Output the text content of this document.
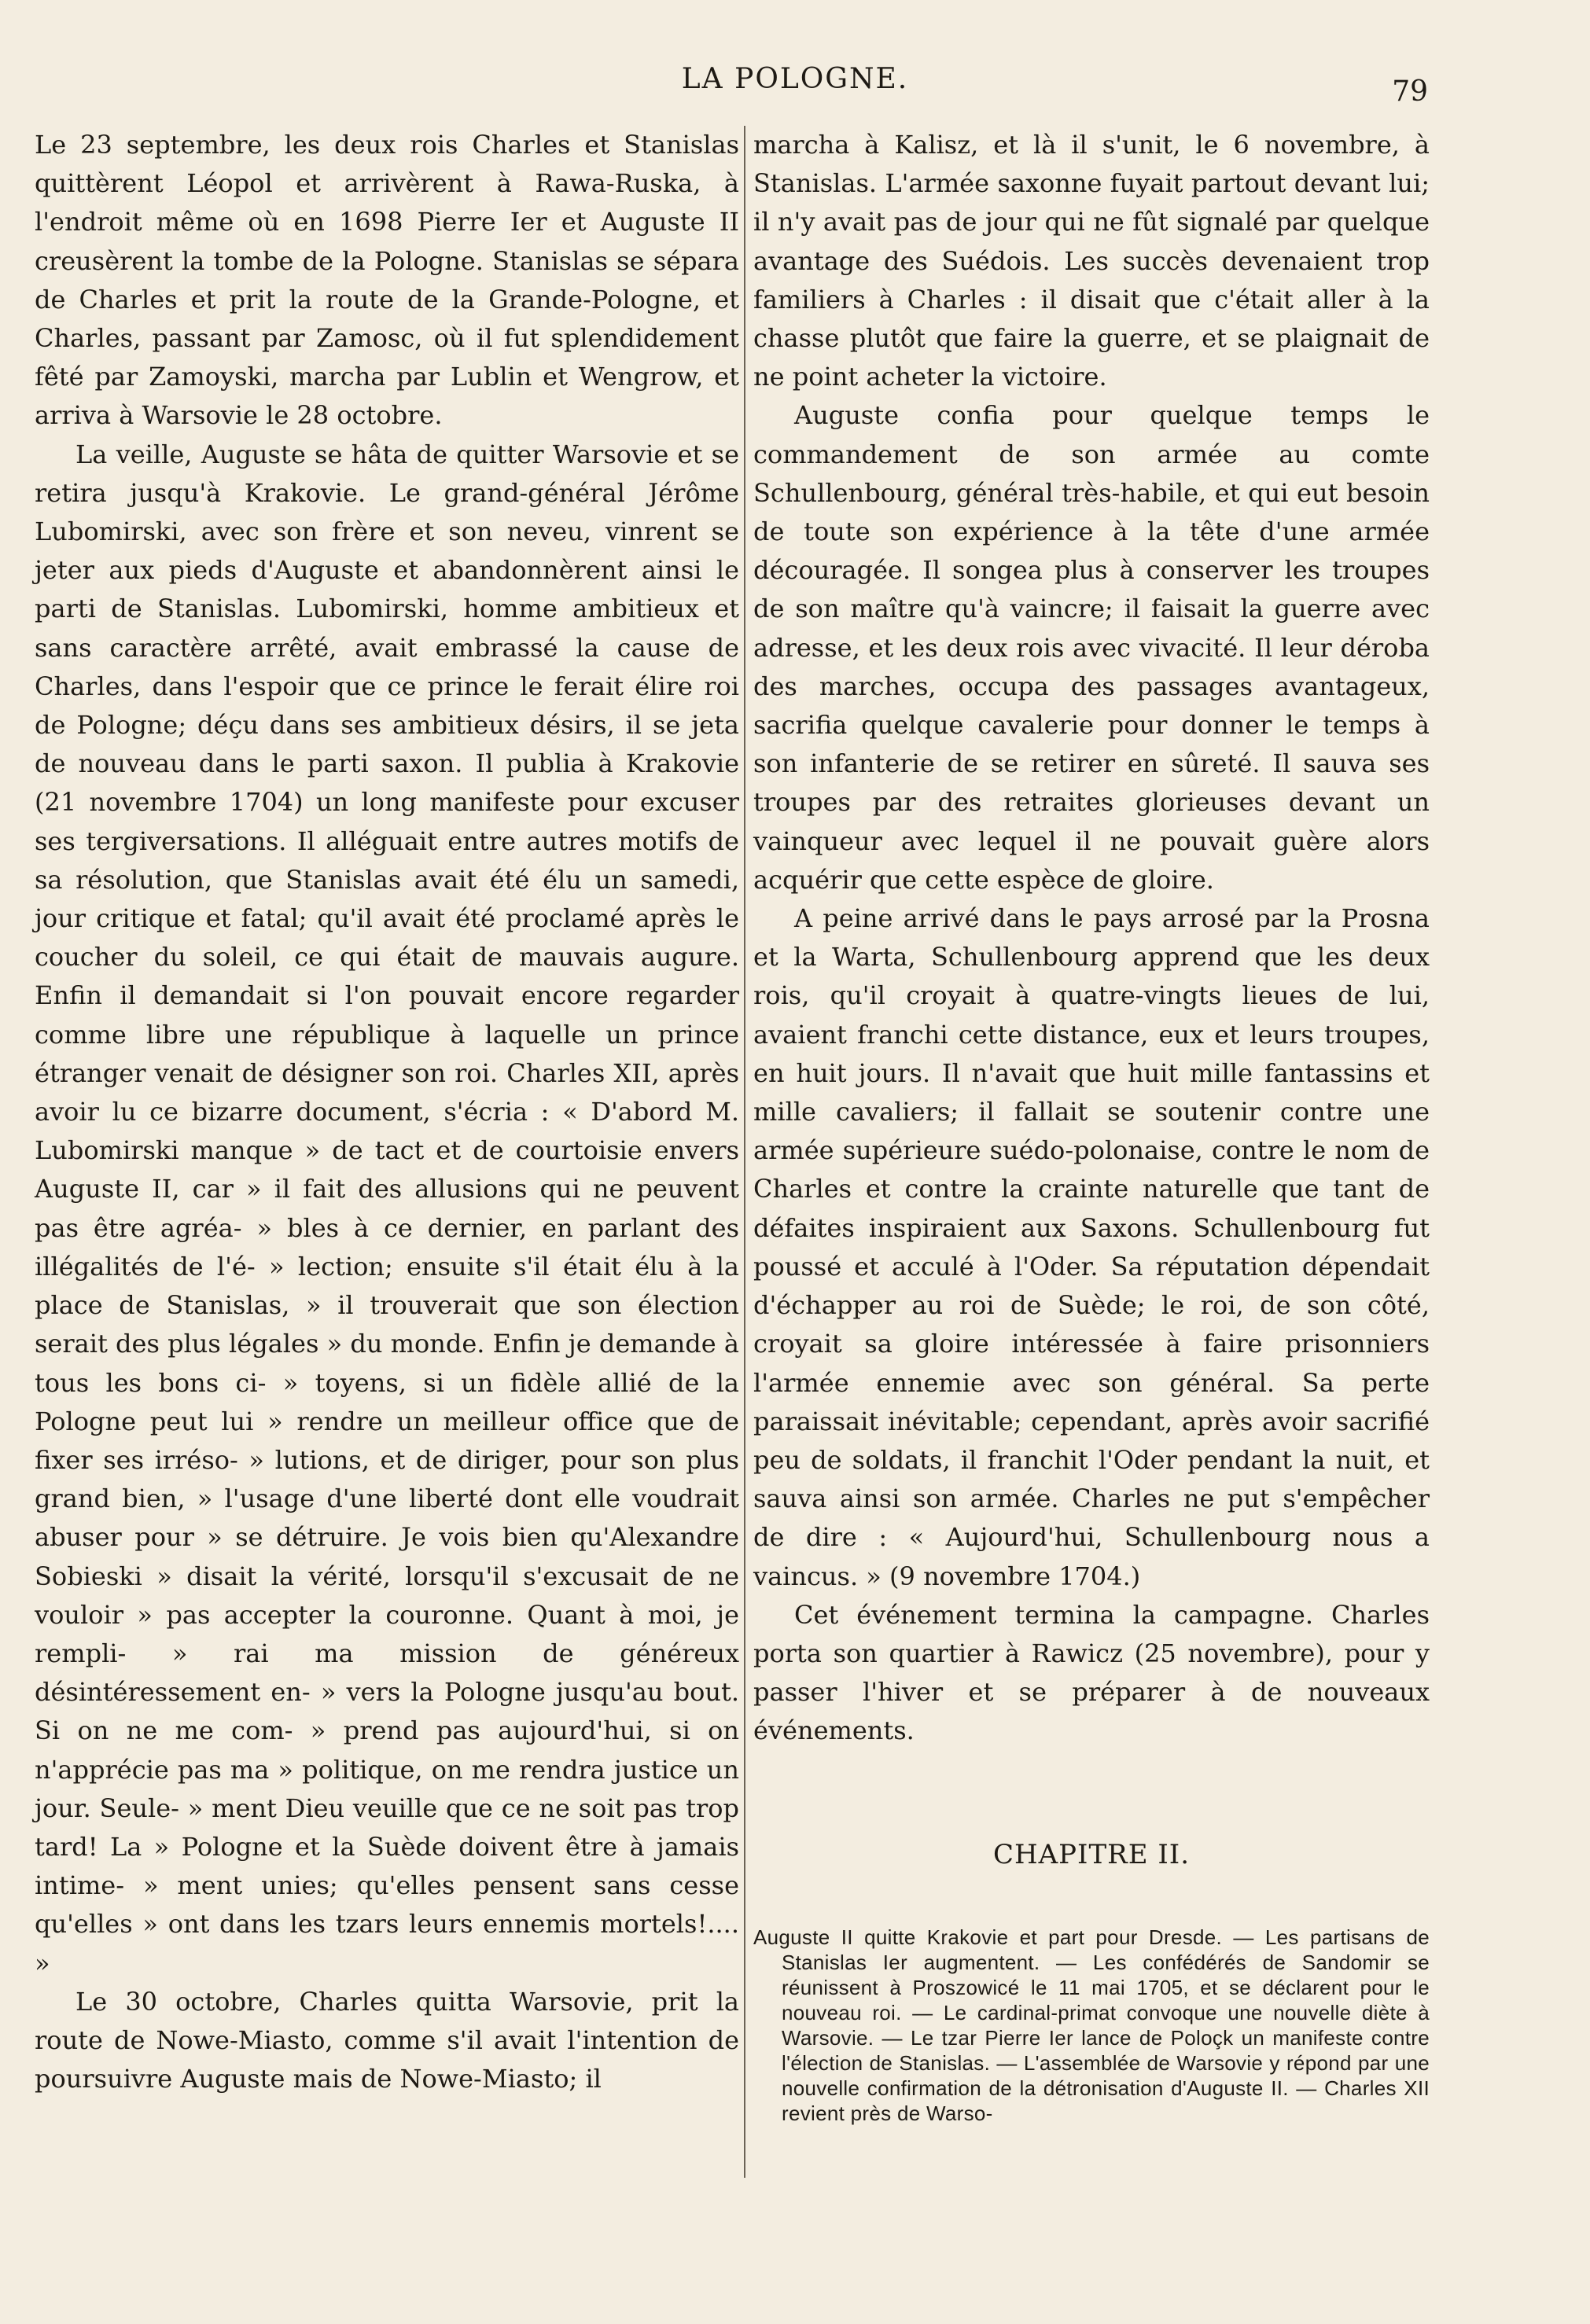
LA POLOGNE.	79

Le 23 septembre, les deux rois Charles et Stanislas quittèrent Léopol et arrivèrent à Rawa-Ruska, à l'endroit même où en 1698 Pierre Ier et Auguste II creusèrent la tombe de la Pologne. Stanislas se sépara de Charles et prit la route de la Grande-Pologne, et Charles, passant par Zamosc, où il fut splendidement fêté par Zamoyski, marcha par Lublin et Wengrow, et arriva à Warsovie le 28 octobre.

La veille, Auguste se hâta de quitter Warsovie et se retira jusqu'à Krakovie. Le grand-général Jérôme Lubomirski, avec son frère et son neveu, vinrent se jeter aux pieds d'Auguste et abandonnèrent ainsi le parti de Stanislas. Lubomirski, homme ambitieux et sans caractère arrêté, avait embrassé la cause de Charles, dans l'espoir que ce prince le ferait élire roi de Pologne; déçu dans ses ambitieux désirs, il se jeta de nouveau dans le parti saxon. Il publia à Krakovie (21 novembre 1704) un long manifeste pour excuser ses tergiversations. Il alléguait entre autres motifs de sa résolution, que Stanislas avait été élu un samedi, jour critique et fatal; qu'il avait été proclamé après le coucher du soleil, ce qui était de mauvais augure. Enfin il demandait si l'on pouvait encore regarder comme libre une république à laquelle un prince étranger venait de désigner son roi. Charles XII, après avoir lu ce bizarre document, s'écria : « D'abord M. Lubomirski manque » de tact et de courtoisie envers Auguste II, car » il fait des allusions qui ne peuvent pas être agréa- » bles à ce dernier, en parlant des illégalités de l'é- » lection; ensuite s'il était élu à la place de Stanislas, » il trouverait que son élection serait des plus légales » du monde. Enfin je demande à tous les bons ci- » toyens, si un fidèle allié de la Pologne peut lui » rendre un meilleur office que de fixer ses irréso- » lutions, et de diriger, pour son plus grand bien, » l'usage d'une liberté dont elle voudrait abuser pour » se détruire. Je vois bien qu'Alexandre Sobieski » disait la vérité, lorsqu'il s'excusait de ne vouloir » pas accepter la couronne. Quant à moi, je rempli- » rai ma mission de généreux désintéressement en- » vers la Pologne jusqu'au bout. Si on ne me com- » prend pas aujourd'hui, si on n'apprécie pas ma » politique, on me rendra justice un jour. Seule- » ment Dieu veuille que ce ne soit pas trop tard! La » Pologne et la Suède doivent être à jamais intime- » ment unies; qu'elles pensent sans cesse qu'elles » ont dans les tzars leurs ennemis mortels!.... »

Le 30 octobre, Charles quitta Warsovie, prit la route de Nowe-Miasto, comme s'il avait l'intention de poursuivre Auguste mais de Nowe-Miasto; il

marcha à Kalisz, et là il s'unit, le 6 novembre, à Stanislas. L'armée saxonne fuyait partout devant lui; il n'y avait pas de jour qui ne fût signalé par quelque avantage des Suédois. Les succès devenaient trop familiers à Charles : il disait que c'était aller à la chasse plutôt que faire la guerre, et se plaignait de ne point acheter la victoire.

Auguste confia pour quelque temps le commandement de son armée au comte Schullenbourg, général très-habile, et qui eut besoin de toute son expérience à la tête d'une armée découragée. Il songea plus à conserver les troupes de son maître qu'à vaincre; il faisait la guerre avec adresse, et les deux rois avec vivacité. Il leur déroba des marches, occupa des passages avantageux, sacrifia quelque cavalerie pour donner le temps à son infanterie de se retirer en sûreté. Il sauva ses troupes par des retraites glorieuses devant un vainqueur avec lequel il ne pouvait guère alors acquérir que cette espèce de gloire.

A peine arrivé dans le pays arrosé par la Prosna et la Warta, Schullenbourg apprend que les deux rois, qu'il croyait à quatre-vingts lieues de lui, avaient franchi cette distance, eux et leurs troupes, en huit jours. Il n'avait que huit mille fantassins et mille cavaliers; il fallait se soutenir contre une armée supérieure suédo-polonaise, contre le nom de Charles et contre la crainte naturelle que tant de défaites inspiraient aux Saxons. Schullenbourg fut poussé et acculé à l'Oder. Sa réputation dépendait d'échapper au roi de Suède; le roi, de son côté, croyait sa gloire intéressée à faire prisonniers l'armée ennemie avec son général. Sa perte paraissait inévitable; cependant, après avoir sacrifié peu de soldats, il franchit l'Oder pendant la nuit, et sauva ainsi son armée. Charles ne put s'empêcher de dire : « Aujourd'hui, Schullenbourg nous a vaincus. » (9 novembre 1704.)

Cet événement termina la campagne. Charles porta son quartier à Rawicz (25 novembre), pour y passer l'hiver et se préparer à de nouveaux événements.

CHAPITRE II.

Auguste II quitte Krakovie et part pour Dresde. — Les partisans de Stanislas Ier augmentent. — Les confédérés de Sandomir se réunissent à Proszowicé le 11 mai 1705, et se déclarent pour le nouveau roi. — Le cardinal-primat convoque une nouvelle diète à Warsovie. — Le tzar Pierre Ier lance de Poloçk un manifeste contre l'élection de Stanislas. — L'assemblée de Warsovie y répond par une nouvelle confirmation de la détronisation d'Auguste II. — Charles XII revient près de Warso-
